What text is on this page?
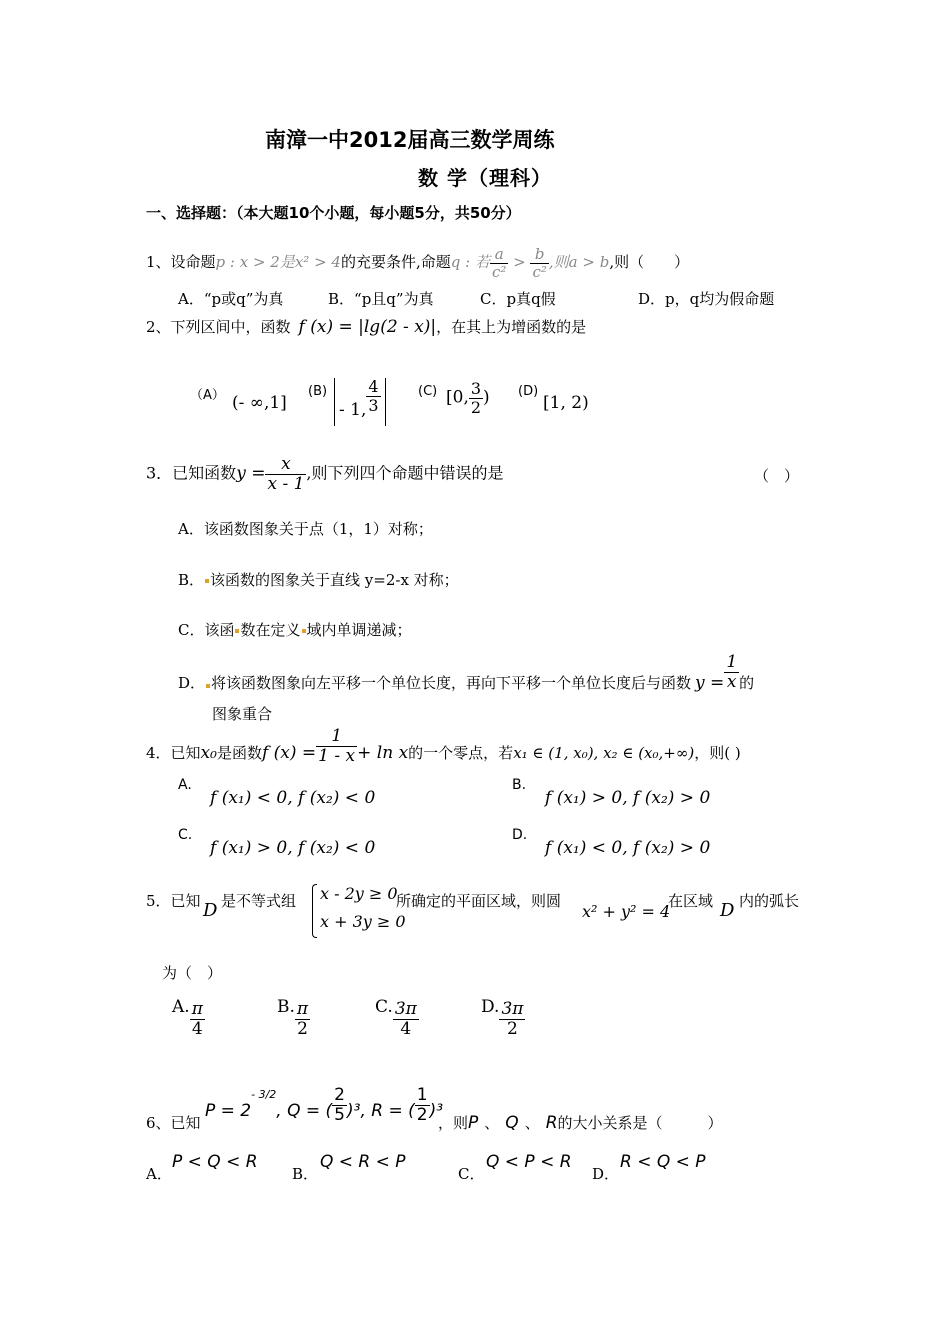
南漳一中2012届高三数学周练
数 学（理科）
一、选择题：（本大题10个小题，每小题5分，共50分）
1、设命题p : x > 2是x² > 4的充要条件,命题q : 若 $\frac{a}{\text{c²}} > \frac{b}{\text{c²}}$ ,则a > b,则（　　）
A．“p或q”为真	B．“p且q”为真	C．p真q假	D．p，q均为假命题
2、下列区间中，函数 f (x) = |lg(2 - x)|，在其上为增函数的是
（A） (- ∞,1]
(B)
- 1, $\frac{4}{3}$	(C) [0, $\frac{3}{2}$ ) (D)
[1, 2)
3．已知函数$y = \frac{x}{x - 1}$ ,则下列四个命题中错误的是	（　）
A．该函数图象关于点（1，1）对称；
B． 该函数的图象关于直线 y=2-x 对称；
C．该函 数在定义 域内单调递减；
D． 将该函数图象向左平移一个单位长度，再向下平移一个单位长度后与函数 $y = \frac{1}{x}$ 的
图象重合
4．已知x₀是函数f $(x) = \frac{1}{1 - x} + \ln x$的一个零点，若x₁ ∈ (1, x₀), x₂ ∈ (x₀,+∞)，则( )
A.
f (x₁) < 0, f (x₂) < 0
B.
f (x₁) > 0, f (x₂) > 0
C.
f (x₁) > 0, f (x₂) < 0
D.
f (x₁) < 0, f (x₂) > 0
5．已知 D 是不等式组 x - 2y ≥ 0
x + 3y ≥ 0
所确定的平面区域，则圆
x² + y² = 4
在区域 D 内的弧长
为（　）
A. $\frac{\pi}{4}$	B. $\frac{\pi}{2}$	C. $\frac{3\pi}{4}$	D. $\frac{3\pi}{2}$
6、已知
$P = 2^{- 3/2}$, Q = ( $\frac{2}{5} )^3$, R = ( $\frac{1}{2} )^3$
，则P 、 Q 、 R的大小关系是（　　　）
A．
P < Q < R
B．
Q < R < P
C．
Q < P < R
D．
R < Q < P
